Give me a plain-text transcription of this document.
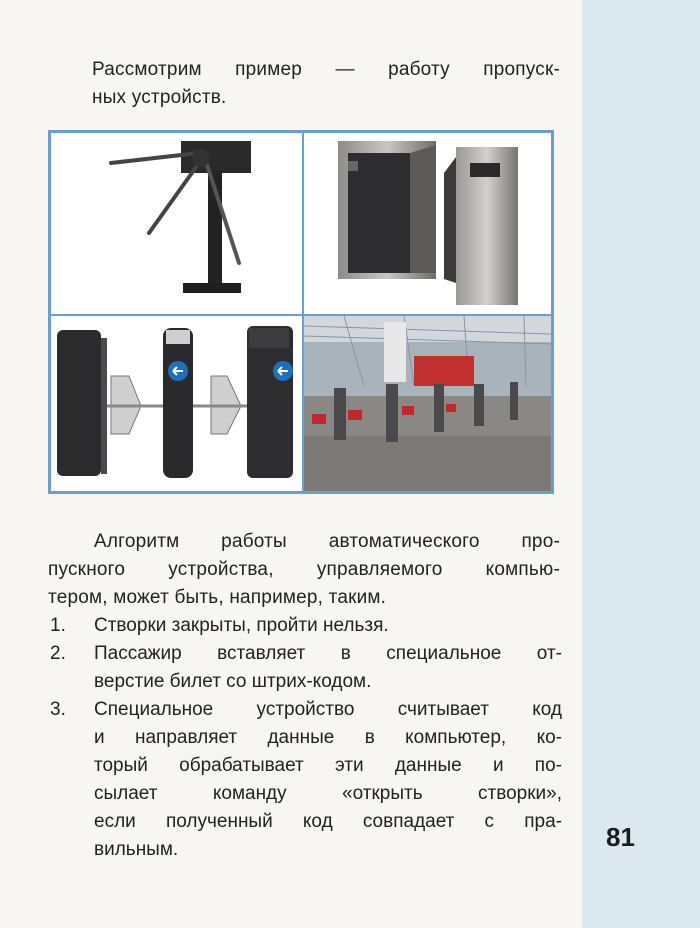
81
Рассмотрим пример — работу пропуск-
ных устройств.
Алгоритм работы автоматического про-
пускного устройства, управляемого компью-
тером, может быть, например, таким.
1.	Створки закрыты, пройти нельзя.
2.	Пассажир вставляет в специальное от-
верстие билет со штрих-кодом.
3.	Специальное устройство считывает код
и направляет данные в компьютер, ко-
торый обрабатывает эти данные и по-
сылает команду «открыть створки»,
если полученный код совпадает с пра-
вильным.
